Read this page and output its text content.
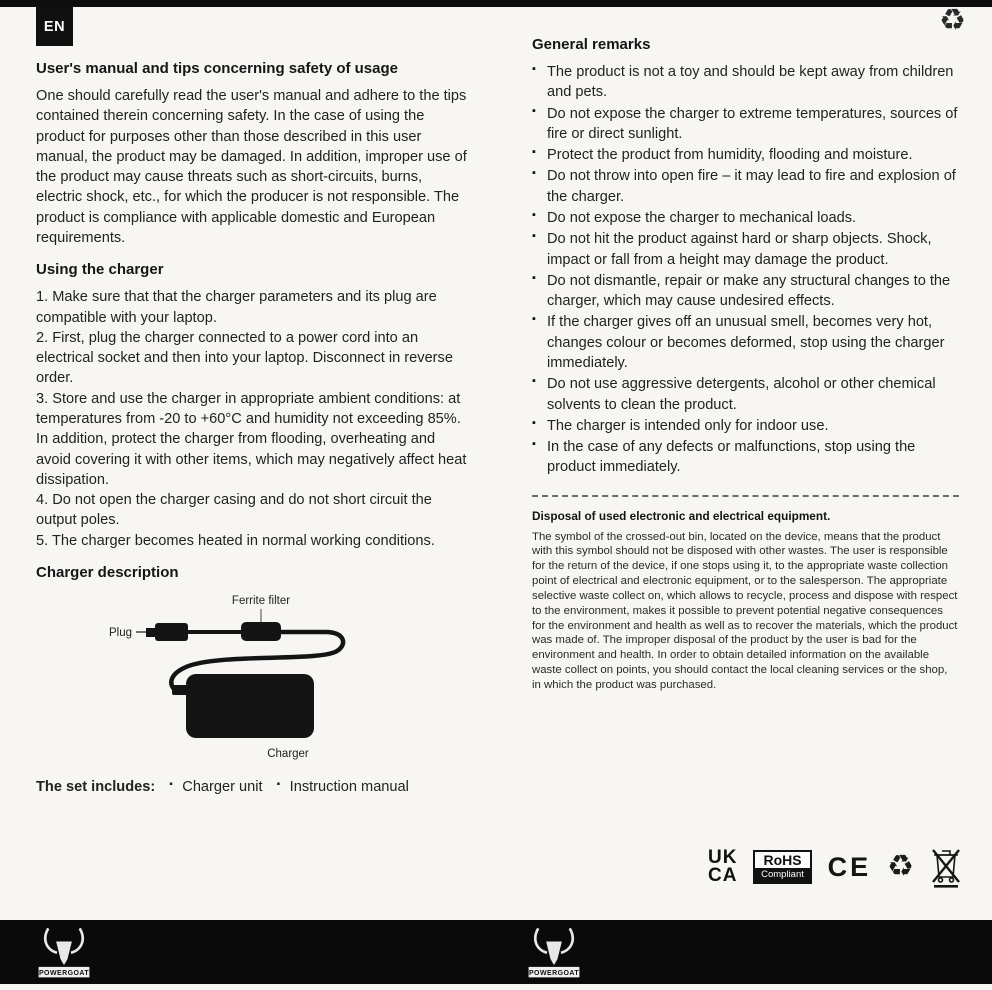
EN	♻
User's manual and tips concerning safety of usage

One should carefully read the user's manual and adhere to the tips contained therein concerning safety. In the case of using the product for purposes other than those described in this user manual, the product may be damaged. In addition, improper use of the product may cause threats such as short-circuits, burns, electric shock, etc., for which the producer is not responsible. The product is compliance with applicable domestic and European requirements.

Using the charger

1. Make sure that that the charger parameters and its plug are compatible with your laptop.

2. First, plug the charger connected to a power cord into an electrical socket and then into your laptop. Disconnect in reverse order.

3. Store and use the charger in appropriate ambient conditions: at temperatures from -20 to +60°C and humidity not exceeding 85%. In addition, protect the charger from flooding, overheating and avoid covering it with other items, which may negatively affect heat dissipation.

4. Do not open the charger casing and do not short circuit the output poles.

5. The charger becomes heated in normal working conditions.

Charger description
Ferrite filter
Plug
Charger

The set includes: ▪ Charger unit ▪ Instruction manual

General remarks
▪ The product is not a toy and should be kept away from children and pets.
▪ Do not expose the charger to extreme temperatures, sources of fire or direct sunlight.
▪ Protect the product from humidity, flooding and moisture.
▪ Do not throw into open fire – it may lead to fire and explosion of the charger.
▪ Do not expose the charger to mechanical loads.
▪ Do not hit the product against hard or sharp objects. Shock, impact or fall from a height may damage the product.
▪ Do not dismantle, repair or make any structural changes to the charger, which may cause undesired effects.
▪ If the charger gives off an unusual smell, becomes very hot, changes colour or becomes deformed, stop using the charger immediately.
▪ Do not use aggressive detergents, alcohol or other chemical solvents to clean the product.
▪ The charger is intended only for indoor use.
▪ In the case of any defects or malfunctions, stop using the product immediately.
Disposal of used electronic and electrical equipment.

The symbol of the crossed-out bin, located on the device, means that the product with this symbol should not be disposed with other wastes. The user is responsible for the return of the device, if one stops using it, to the appropriate waste collection point of electrical and electronic equipment, or to the salesperson. The appropriate selective waste collect on, which allows to recycle, process and dispose with respect to the environment, makes it possible to prevent potential negative consequences for the environment and health as well as to recover the materials, which the product was made of. The improper disposal of the product by the user is bad for the environment and health. In order to obtain detailed information on the available waste collect on points, you should contact the local cleaning services or the shop, in which the product was purchased.

UK
CA
RoHS
Compliant CE ♻
POWERGOAT	POWERGOAT
